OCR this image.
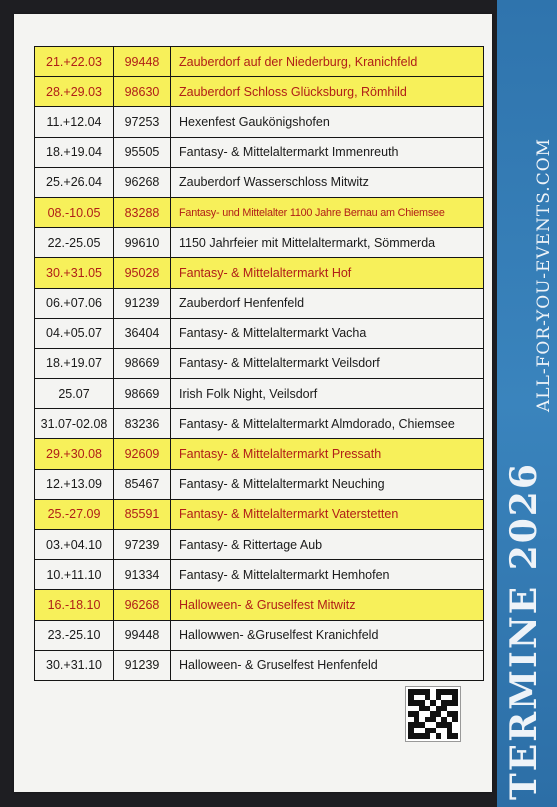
21.+22.03	99448	Zauberdorf auf der Niederburg, Kranichfeld
28.+29.03	98630	Zauberdorf Schloss Glücksburg, Römhild
11.+12.04	97253	Hexenfest Gaukönigshofen
18.+19.04	95505	Fantasy- & Mittelaltermarkt Immenreuth
25.+26.04	96268	Zauberdorf Wasserschloss Mitwitz
08.-10.05	83288	Fantasy- und Mittelalter 1100 Jahre Bernau am Chiemsee
22.-25.05	99610	1150 Jahrfeier mit Mittelaltermarkt, Sömmerda
30.+31.05	95028	Fantasy- & Mittelaltermarkt Hof
06.+07.06	91239	Zauberdorf Henfenfeld
04.+05.07	36404	Fantasy- & Mittelaltermarkt Vacha
18.+19.07	98669	Fantasy- & Mittelaltermarkt Veilsdorf
25.07	98669	Irish Folk Night, Veilsdorf
31.07-02.08	83236	Fantasy- & Mittelaltermarkt Almdorado, Chiemsee
29.+30.08	92609	Fantasy- & Mittelaltermarkt Pressath
12.+13.09	85467	Fantasy- & Mittelaltermarkt Neuching
25.-27.09	85591	Fantasy- & Mittelaltermarkt Vaterstetten
03.+04.10	97239	Fantasy- & Rittertage Aub
10.+11.10	91334	Fantasy- & Mittelaltermarkt Hemhofen
16.-18.10	96268	Halloween- & Gruselfest Mitwitz
23.-25.10	99448	Hallowwen- &Gruselfest Kranichfeld
30.+31.10	91239	Halloween- & Gruselfest Henfenfeld	TERMINE 2026
ALL-FOR-YOU-EVENTS.COM
